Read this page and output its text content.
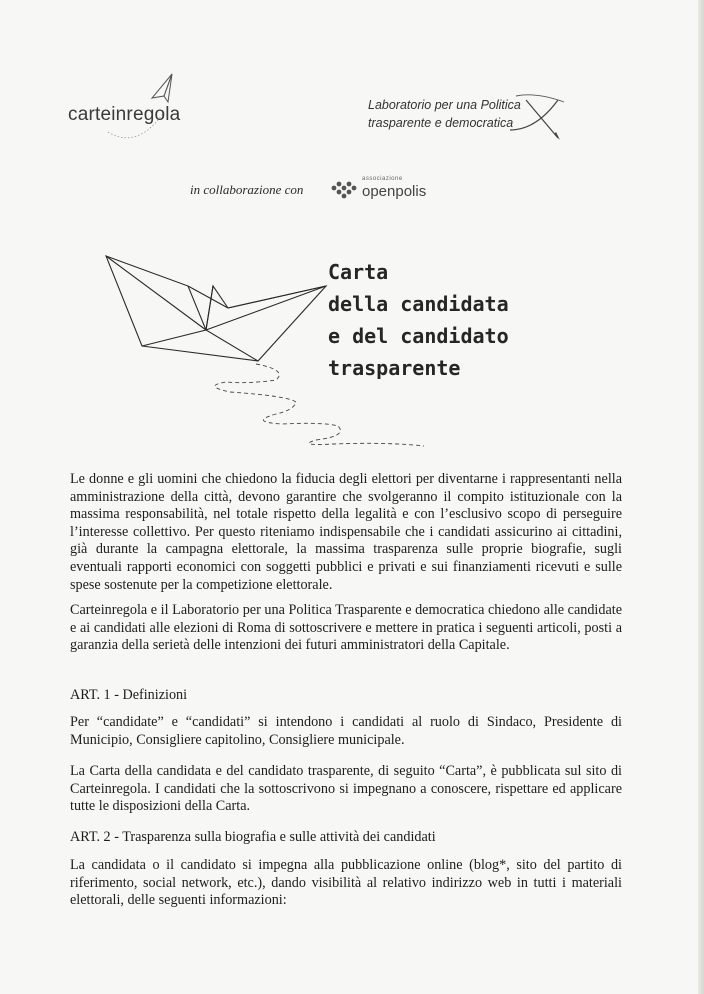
carteinregola	Laboratorio per una Politica
trasparente e democratica
in collaborazione con
associazione
openpolis
Carta
della candidata
e del candidato
trasparente
Le donne e gli uomini che chiedono la fiducia degli elettori per diventarne i rappresentanti nella amministrazione della città, devono garantire che svolgeranno il compito istituzionale con la massima responsabilità, nel totale rispetto della legalità e con l’esclusivo scopo di perseguire l’interesse collettivo. Per questo riteniamo indispensabile che i candidati assicurino ai cittadini, già durante la campagna elettorale, la massima trasparenza sulle proprie biografie, sugli eventuali rapporti economici con soggetti pubblici e privati e sui finanziamenti ricevuti e sulle spese sostenute per la competizione elettorale.
Carteinregola e il Laboratorio per una Politica Trasparente e democratica chiedono alle candidate e ai candidati alle elezioni di Roma di sottoscrivere e mettere in pratica i seguenti articoli, posti a garanzia della serietà delle intenzioni dei futuri amministratori della Capitale.
ART. 1 - Definizioni
Per “candidate” e “candidati” si intendono i candidati al ruolo di Sindaco, Presidente di Municipio, Consigliere capitolino, Consigliere municipale.
La Carta della candidata e del candidato trasparente, di seguito “Carta”, è pubblicata sul sito di Carteinregola. I candidati che la sottoscrivono si impegnano a conoscere, rispettare ed applicare tutte le disposizioni della Carta.
ART. 2 - Trasparenza sulla biografia e sulle attività dei candidati
La candidata o il candidato si impegna alla pubblicazione online (blog*, sito del partito di riferimento, social network, etc.), dando visibilità al relativo indirizzo web in tutti i materiali elettorali, delle seguenti informazioni:
